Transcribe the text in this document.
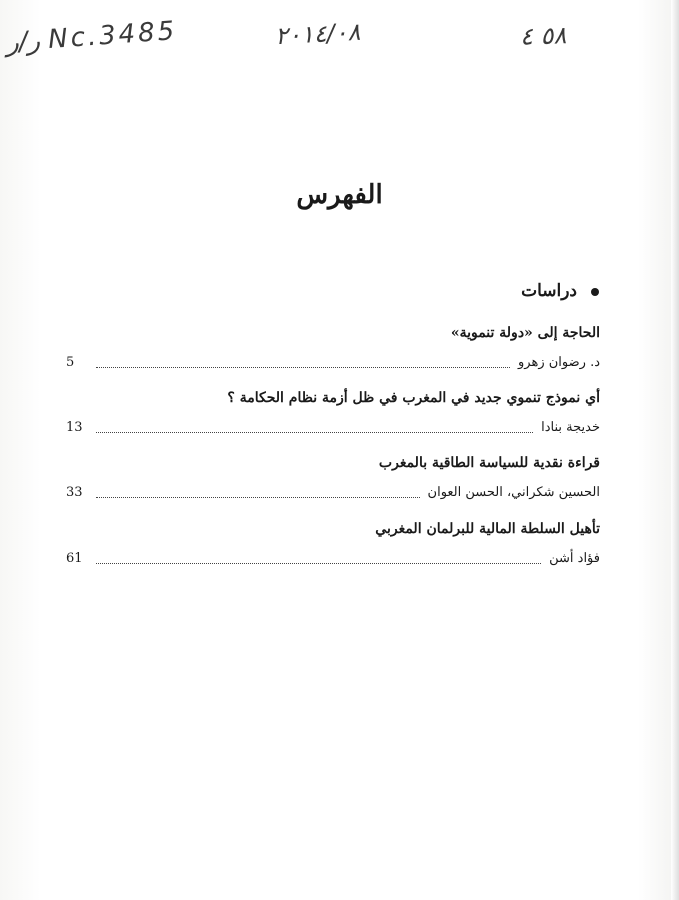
ر/ر Nc.3485	٢٠١٤/٠٨	٥٨ ٤
الفهرس
دراسات
الحاجة إلى «دولة تنموية»
د. رضوان زهرو
5
أي نموذج تنموي جديد في المغرب في ظل أزمة نظام الحكامة ؟
خديجة بنادا
13
قراءة نقدية للسياسة الطاقية بالمغرب
الحسين شكراني، الحسن العوان
33
تأهيل السلطة المالية للبرلمان المغربي
فؤاد أشن
61
